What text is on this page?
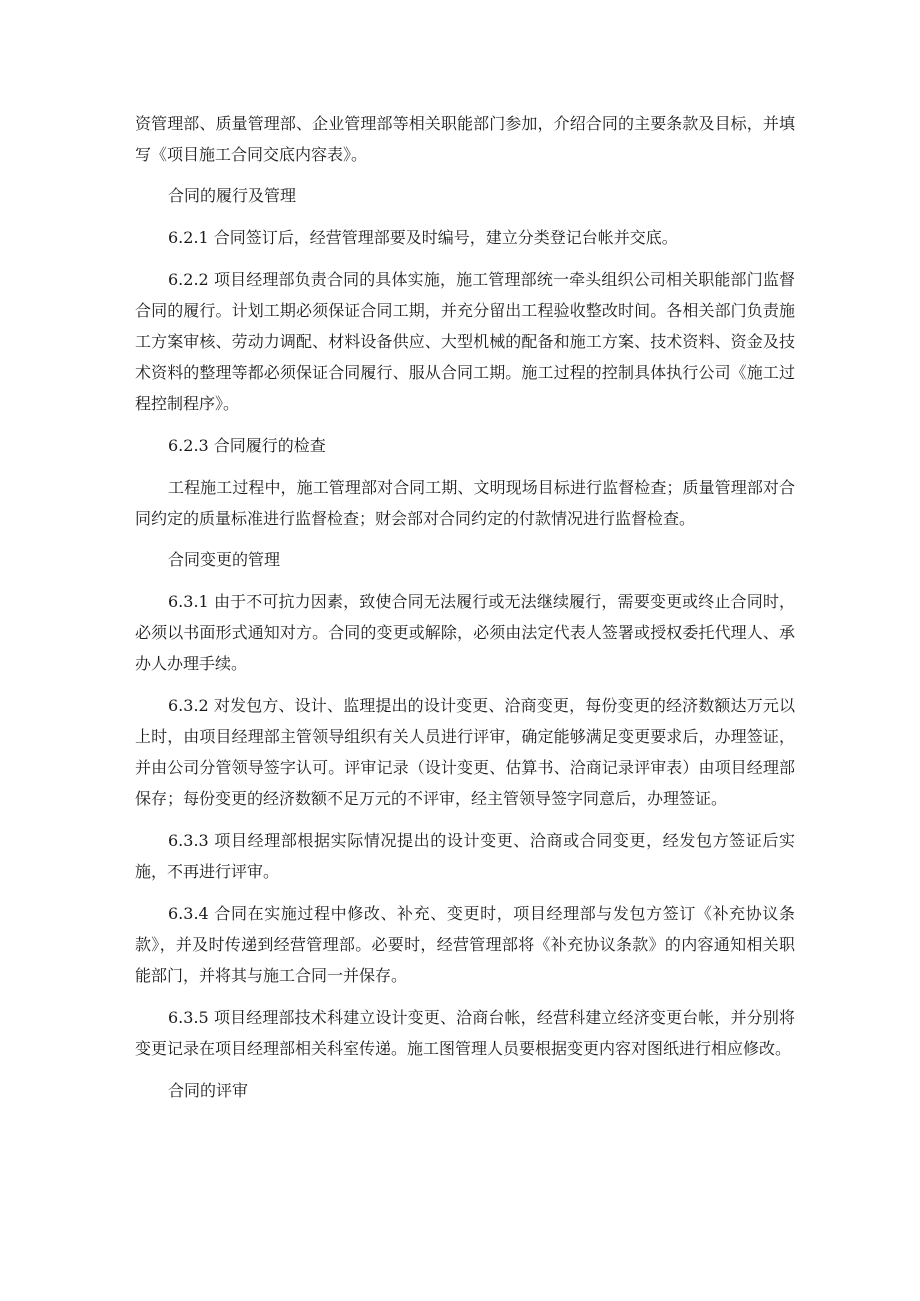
资管理部、质量管理部、企业管理部等相关职能部门参加，介绍合同的主要条款及目标，并填写《项目施工合同交底内容表》。

合同的履行及管理

6.2.1 合同签订后，经营管理部要及时编号，建立分类登记台帐并交底。

6.2.2 项目经理部负责合同的具体实施，施工管理部统一牵头组织公司相关职能部门监督合同的履行。计划工期必须保证合同工期，并充分留出工程验收整改时间。各相关部门负责施工方案审核、劳动力调配、材料设备供应、大型机械的配备和施工方案、技术资料、资金及技术资料的整理等都必须保证合同履行、服从合同工期。施工过程的控制具体执行公司《施工过程控制程序》。

6.2.3 合同履行的检查

工程施工过程中，施工管理部对合同工期、文明现场目标进行监督检查；质量管理部对合同约定的质量标准进行监督检查；财会部对合同约定的付款情况进行监督检查。

合同变更的管理

6.3.1 由于不可抗力因素，致使合同无法履行或无法继续履行，需要变更或终止合同时，必须以书面形式通知对方。合同的变更或解除，必须由法定代表人签署或授权委托代理人、承办人办理手续。

6.3.2 对发包方、设计、监理提出的设计变更、洽商变更，每份变更的经济数额达万元以上时，由项目经理部主管领导组织有关人员进行评审，确定能够满足变更要求后，办理签证，并由公司分管领导签字认可。评审记录（设计变更、估算书、洽商记录评审表）由项目经理部保存；每份变更的经济数额不足万元的不评审，经主管领导签字同意后，办理签证。

6.3.3 项目经理部根据实际情况提出的设计变更、洽商或合同变更，经发包方签证后实施，不再进行评审。

6.3.4 合同在实施过程中修改、补充、变更时，项目经理部与发包方签订《补充协议条款》，并及时传递到经营管理部。必要时，经营管理部将《补充协议条款》的内容通知相关职能部门，并将其与施工合同一并保存。

6.3.5 项目经理部技术科建立设计变更、洽商台帐，经营科建立经济变更台帐，并分别将变更记录在项目经理部相关科室传递。施工图管理人员要根据变更内容对图纸进行相应修改。

合同的评审
